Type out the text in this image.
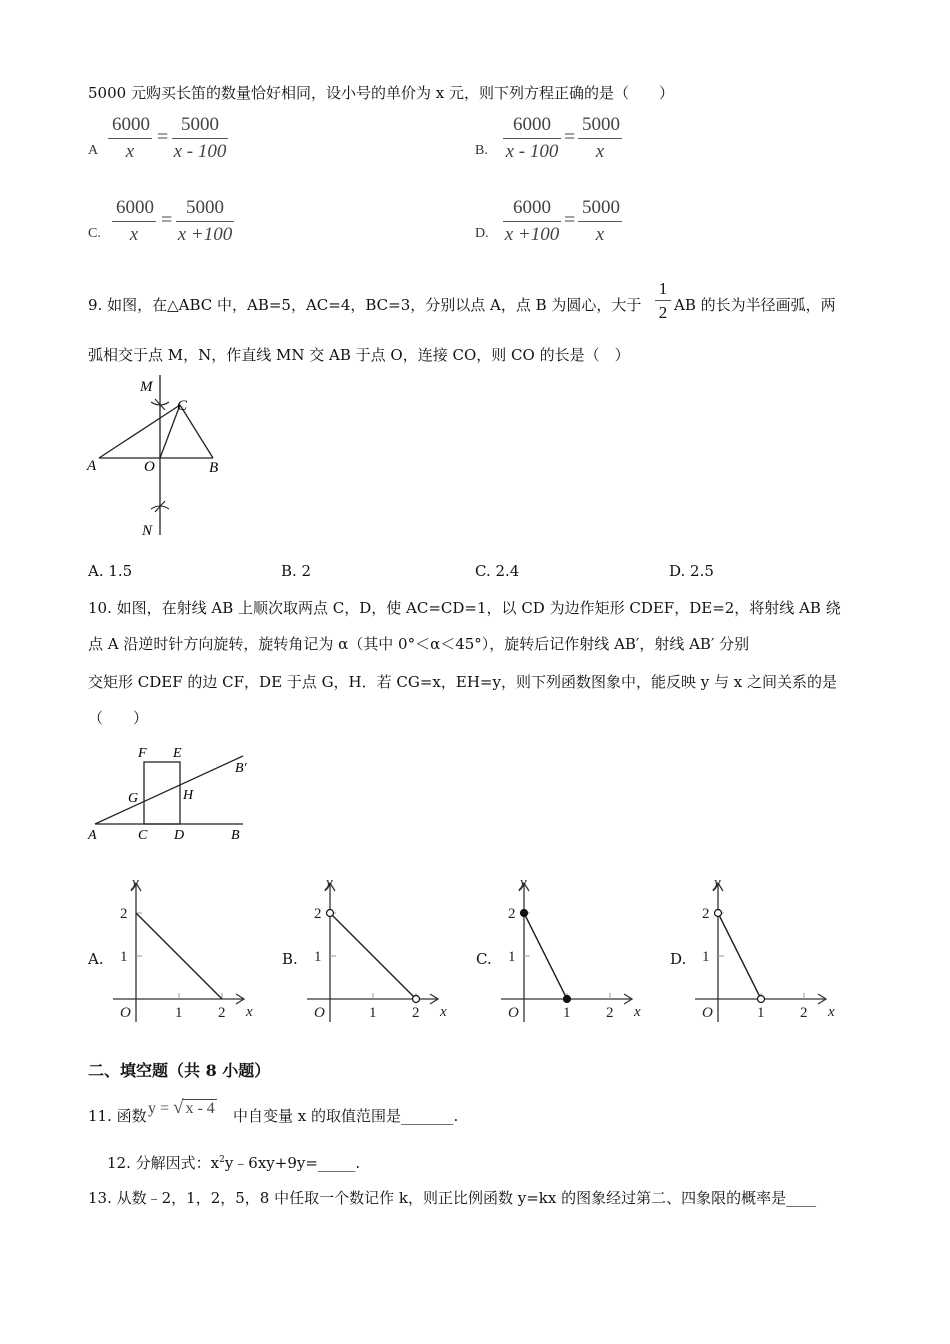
5000 元购买长笛的数量恰好相同，设小号的单价为 x 元，则下列方程正确的是（　　）
A $\frac{6000}{x} = \frac{5000}{x - 100}$	B. $\frac{6000}{x - 100} = \frac{5000}{x}$
C. $\frac{6000}{x} = \frac{5000}{x +100}$	D. $\frac{6000}{x +100} = \frac{5000}{x}$
9. 如图，在△ABC 中，AB=5，AC=4，BC=3，分别以点 A，点 B 为圆心，大于 $\frac{1}{2}$ AB 的长为半径画弧，两
弧相交于点 M，N，作直线 MN 交 AB 于点 O，连接 CO，则 CO 的长是（　）
M
C
A	O	B
N
A. 1.5	B. 2	C. 2.4	D. 2.5
10. 如图，在射线 AB 上顺次取两点 C，D，使 AC=CD=1，以 CD 为边作矩形 CDEF，DE=2，将射线 AB 绕
点 A 沿逆时针方向旋转，旋转角记为 α（其中 0°＜α＜45°），旋转后记作射线 AB′，射线 AB′ 分别
交矩形 CDEF 的边 CF，DE 于点 G，H．若 CG=x，EH=y，则下列函数图象中，能反映 y 与 x 之间关系的是
（　　）
F E
B′
G	H
A	C D	B
A.
y
x
O	1 2
1
2
B.
y
x
O	1 2
1
2
C.
y
x
O	1 2
1
2
D.
y
x
O	1 2
1
2
二、填空题（共 8 小题）
11. 函数 y = √ x - 4 中自变量 x 的取值范围是_______.
12. 分解因式：$x^2y﹣6xy+9y=\_\_\_\_\_$.
13. 从数﹣2，1，2，5，8 中任取一个数记作 k，则正比例函数 y=kx 的图象经过第二、四象限的概率是____
